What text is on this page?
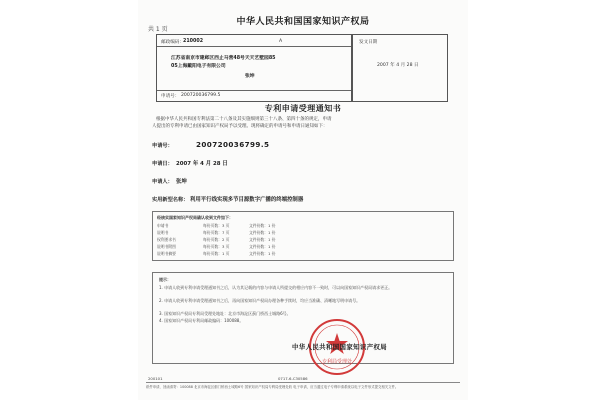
共 1 页
中华人民共和国国家知识产权局
邮政编码： 210002	A
江苏省南京市建邺区西止马营48号天天艺墅园85
05上海戴阳电子有限公司
张坤
申请号： 200720036799.5
发文日期
2007 年 4 月 28 日
专利申请受理通知书
根据中华人民共和国专利法第二十八条及其实施细则第三十八条、第四十条的规定，申请
人提出的专利申请已由国家知识产权局予以受理。现将确定的申请号和申请日通知如下：
申请号：	200720036799.5
申请日： 2007 年 4 月 28 日
申请人： 张坤
实用新型名称： 利用平行线实现多节目源数字广播的终端控制器
经核实国家知识产权局确认收到文件如下：
申请书	每份页数：3 页	文件份数：1 份
说明书	每份页数：7 页	文件份数：1 份
权利要求书	每份页数：2 页	文件份数：1 份
说明书附图	每份页数：3 页	文件份数：1 份
说明书摘要	每份页数：1 页	文件份数：1 份
提示：
1. 申请人收到专利申请受理通知书之后，认为其记载的内容与申请人所提交的相应内容不一致时，可以向国家知识产权局请求更正。
2. 申请人收到专利申请受理通知书之后，再向国家知识产权局办理各种手续时，均应当准确、清晰地写明申请号。
3. 国家知识产权局专利局受理处地址：北京市海淀区蓟门桥西土城路6号。
4. 国家知识产权局专利局邮政编码：100088。
专利局受理处
中华人民共和国国家知识产权局
200101	0717-6-C30586
纸件申请，回函请寄：100088 北京市海淀区蓟门桥西土城路6号 国家知识产权局专利局受理处收 电子申请，应当通过电子专利申请系统以电子文件形式提交相关文件。
